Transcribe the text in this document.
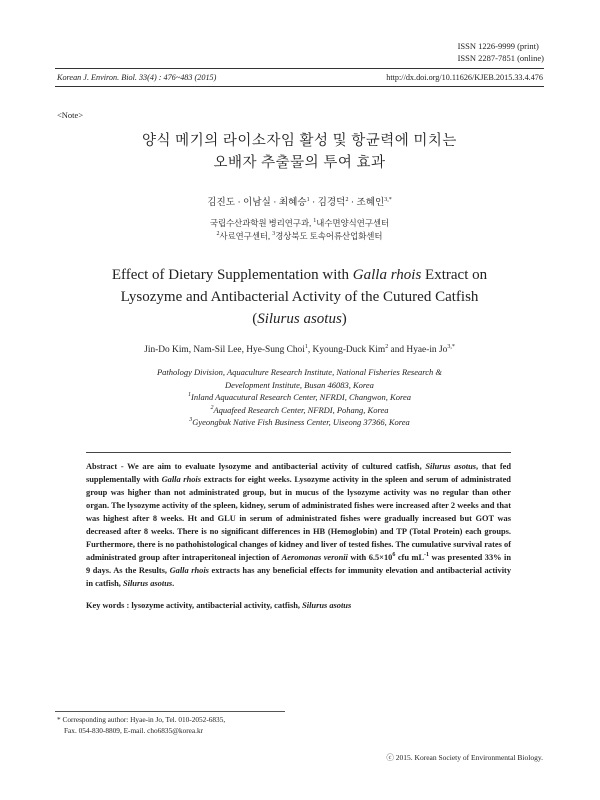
ISSN 1226-9999 (print)
ISSN 2287-7851 (online)
Korean J. Environ. Biol. 33(4) : 476~483 (2015)	http://dx.doi.org/10.11626/KJEB.2015.33.4.476
<Note>
양식 메기의 라이소자임 활성 및 항균력에 미치는
오배자 추출물의 투여 효과
김진도 · 이남실 · 최혜승$^1$ · 김경덕$^2$ · 조혜인$^{3,*}$
국립수산과학원 병리연구과, $^1$내수면양식연구센터
$^2$사료연구센터, $^3$경상북도 토속어류산업화센터
Effect of Dietary Supplementation with Galla rhois Extract on
Lysozyme and Antibacterial Activity of the Cutured Catfish
(Silurus asotus)
Jin-Do Kim, Nam-Sil Lee, Hye-Sung Choi$^1$, Kyoung-Duck Kim$^2$ and Hyae-in $Jo^{3,*}$
Pathology Division, Aquaculture Research Institute, National Fisheries Research &
Development Institute, Busan 46083, Korea
$^1$Inland Aquacutural Research Center, NFRDI, Changwon, Korea
$^2$Aquafeed Research Center, NFRDI, Pohang, Korea
$^3$Gyeongbuk Native Fish Business Center, Uiseong 37366, Korea
Abstract - We are aim to evaluate lysozyme and antibacterial activity of cultured catfish, Silurus asotus, that fed supplementally with Galla rhois extracts for eight weeks. Lysozyme activity in the spleen and serum of administrated group was higher than not administrated group, but in mucus of the lysozyme activity was no regular than other organ. The lysozyme activity of the spleen, kidney, serum of administrated fishes were increased after 2 weeks and that was highest after 8 weeks. Ht and GLU in serum of administrated fishes were gradually increased but GOT was decreased after 8 weeks. There is no significant differences in HB (Hemoglobin) and TP (Total Protein) each groups. Furthermore, there is no pathohistological changes of kidney and liver of tested fishes. The cumulative survival rates of administrated group after intraperitoneal injection of Aeromonas veronii with $6.5\times 10^6$ cfu $mL^{-1}$ was presented 33% in 9 days. As the Results, Galla rhois extracts has any beneficial effects for immunity elevation and antibacterial activity in catfish, Silurus asotus.
Key words : lysozyme activity, antibacterial activity, catfish, Silurus asotus
* Corresponding author: Hyae-in Jo, Tel. 010-2052-6835,
Fax. 054-830-8809, E-mail. cho6835@korea.kr
ⓒ 2015. Korean Society of Environmental Biology.
